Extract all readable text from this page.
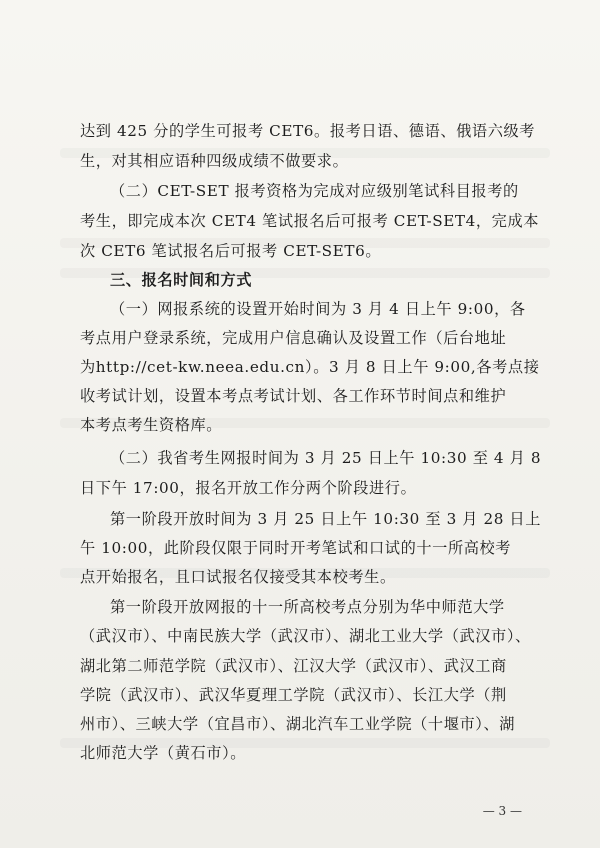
达到 425 分的学生可报考 CET6。报考日语、德语、俄语六级考
生，对其相应语种四级成绩不做要求。
（二）CET-SET 报考资格为完成对应级别笔试科目报考的
考生，即完成本次 CET4 笔试报名后可报考 CET-SET4，完成本
次 CET6 笔试报名后可报考 CET-SET6。
三、报名时间和方式
（一）网报系统的设置开始时间为 3 月 4 日上午 9:00，各
考点用户登录系统，完成用户信息确认及设置工作（后台地址
为http://cet-kw.neea.edu.cn）。3 月 8 日上午 9:00,各考点接
收考试计划，设置本考点考试计划、各工作环节时间点和维护
本考点考生资格库。
（二）我省考生网报时间为 3 月 25 日上午 10:30 至 4 月 8
日下午 17:00，报名开放工作分两个阶段进行。
第一阶段开放时间为 3 月 25 日上午 10:30 至 3 月 28 日上
午 10:00，此阶段仅限于同时开考笔试和口试的十一所高校考
点开始报名，且口试报名仅接受其本校考生。
第一阶段开放网报的十一所高校考点分别为华中师范大学
（武汉市）、中南民族大学（武汉市）、湖北工业大学（武汉市）、
湖北第二师范学院（武汉市）、江汉大学（武汉市）、武汉工商
学院（武汉市）、武汉华夏理工学院（武汉市）、长江大学（荆
州市）、三峡大学（宜昌市）、湖北汽车工业学院（十堰市）、湖
北师范大学（黄石市）。
— 3 —
